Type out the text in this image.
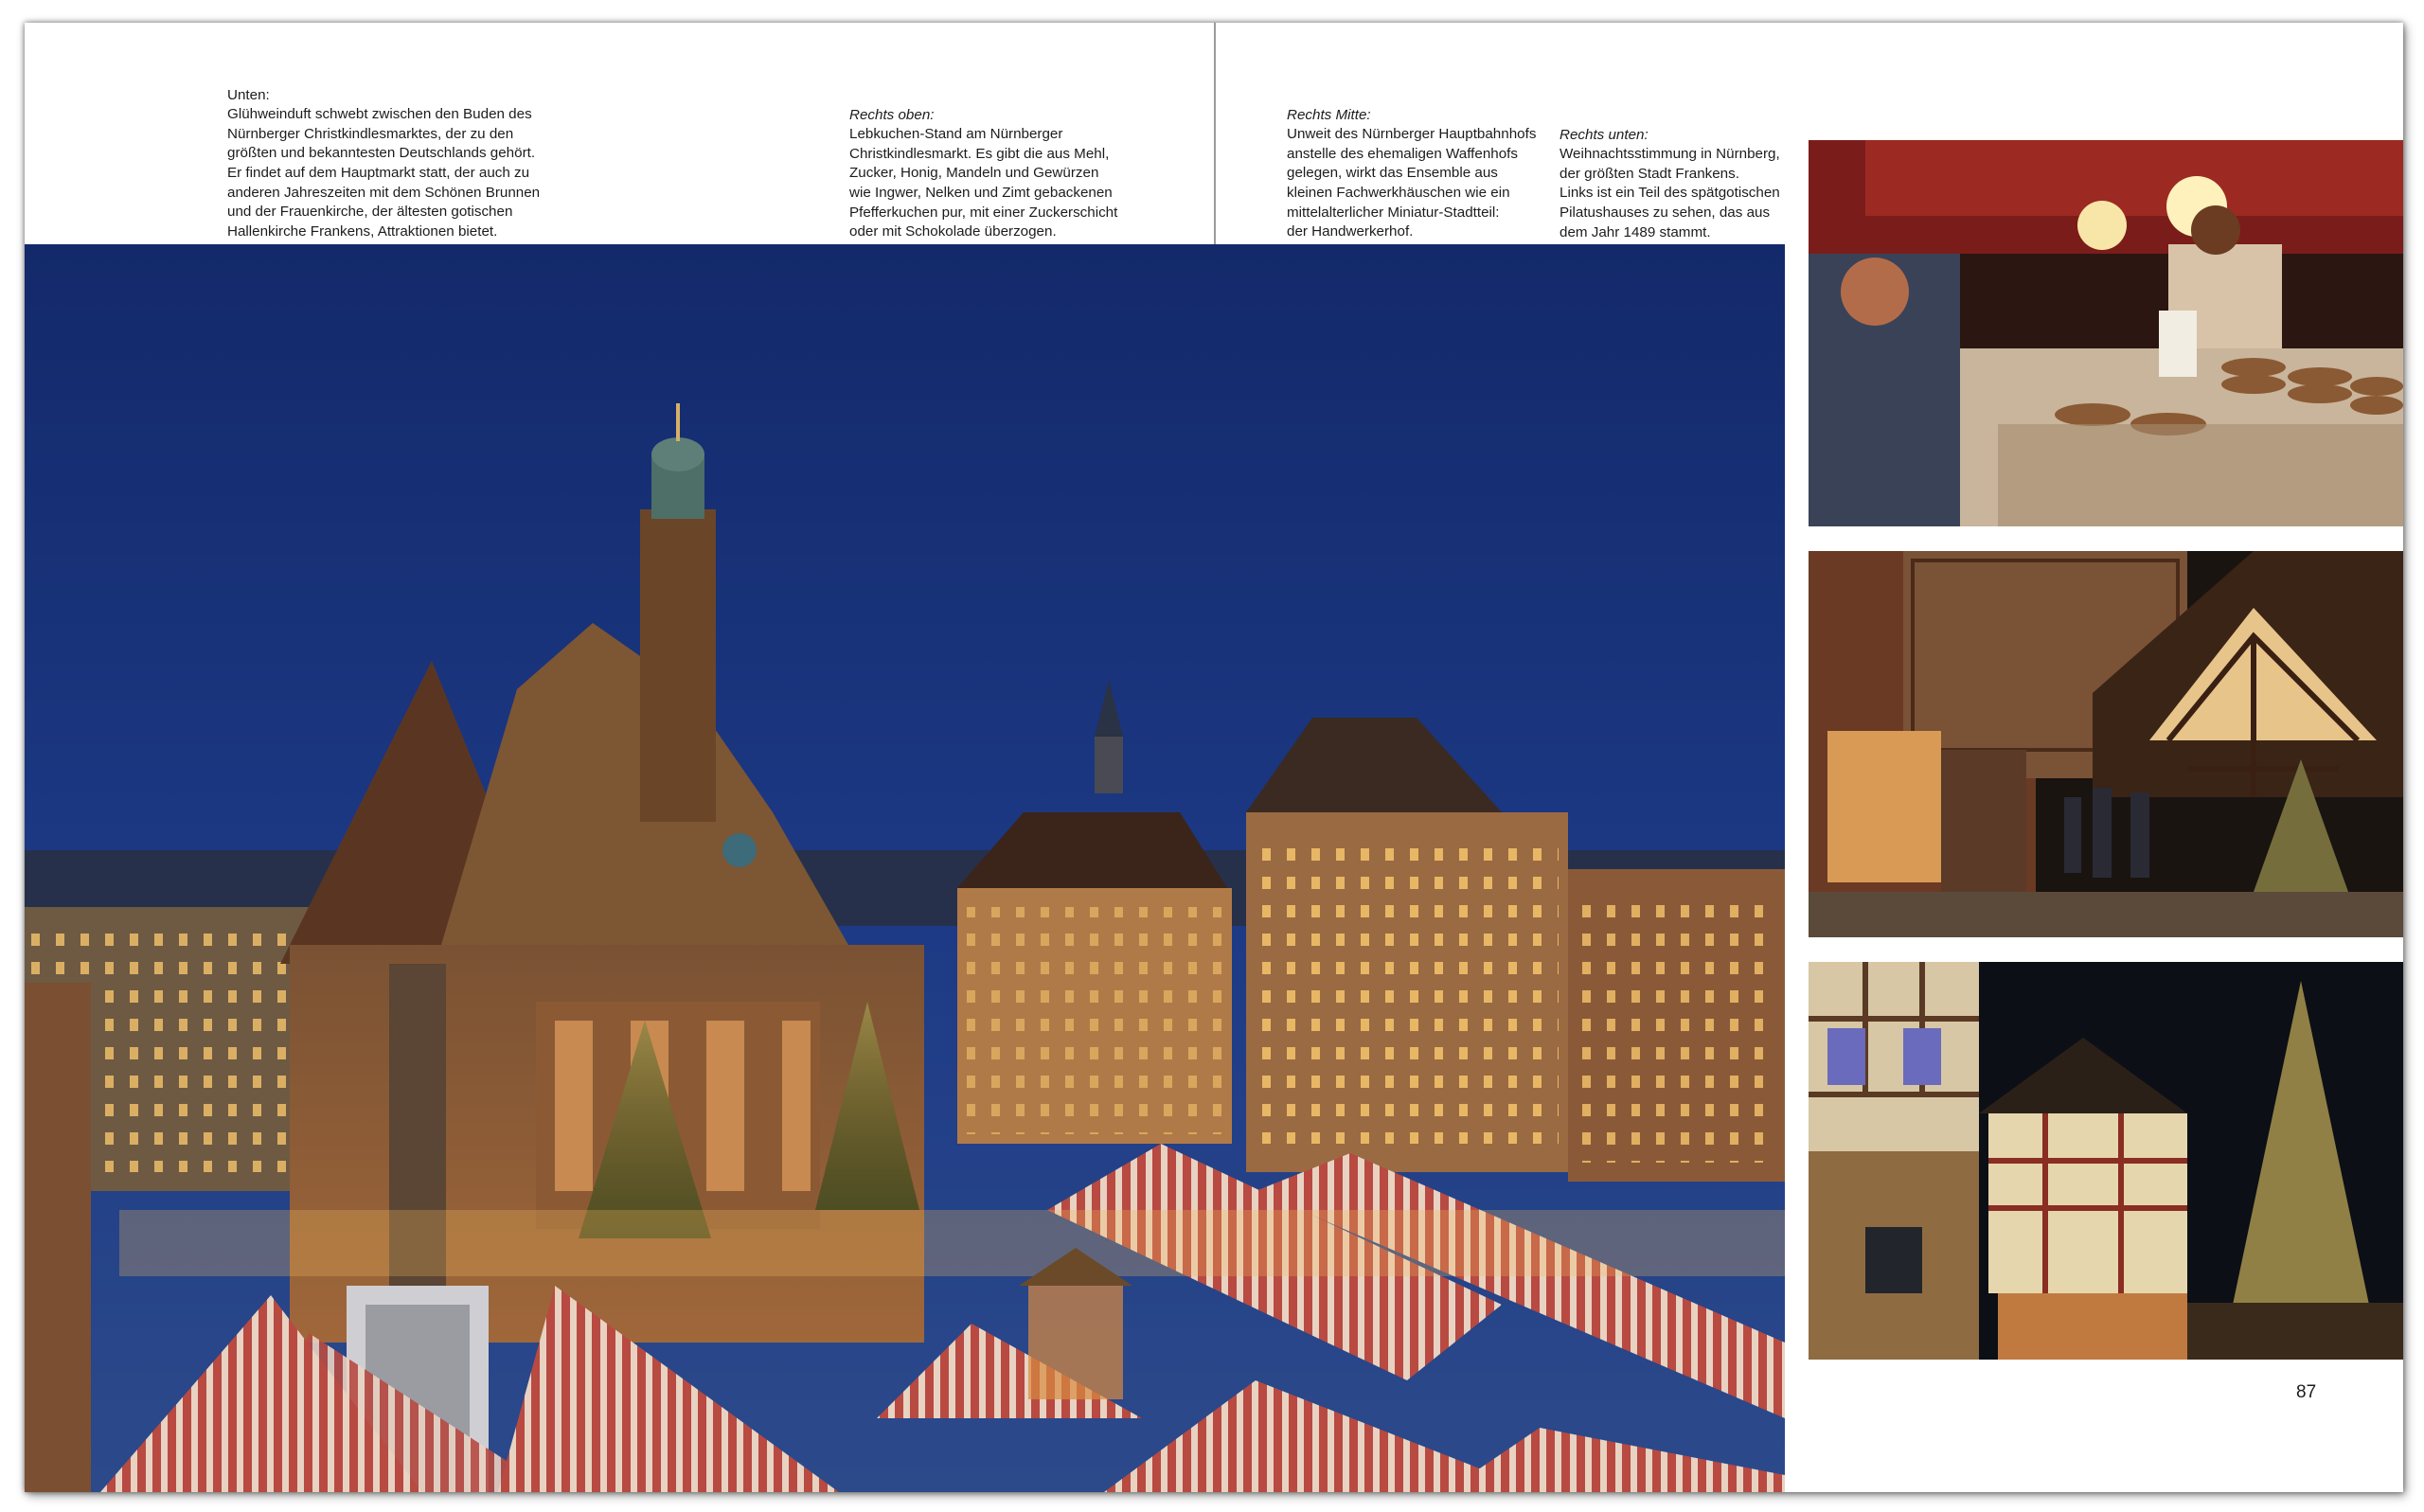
Unten:
Glühweinduft schwebt zwischen den Buden des
Nürnberger Christkindlesmarktes, der zu den
größten und bekanntesten Deutschlands gehört.
Er findet auf dem Hauptmarkt statt, der auch zu
anderen Jahreszeiten mit dem Schönen Brunnen
und der Frauenkirche, der ältesten gotischen
Hallenkirche Frankens, Attraktionen bietet.

Rechts oben:
Lebkuchen-Stand am Nürnberger
Christkindlesmarkt. Es gibt die aus Mehl,
Zucker, Honig, Mandeln und Gewürzen
wie Ingwer, Nelken und Zimt gebackenen
Pfefferkuchen pur, mit einer Zuckerschicht
oder mit Schokolade überzogen.

Rechts Mitte:
Unweit des Nürnberger Hauptbahnhofs
anstelle des ehemaligen Waffenhofs
gelegen, wirkt das Ensemble aus
kleinen Fachwerkhäuschen wie ein
mittelalterlicher Miniatur-Stadtteil:
der Handwerkerhof.

Rechts unten:
Weihnachtsstimmung in Nürnberg,
der größten Stadt Frankens.
Links ist ein Teil des spätgotischen
Pilatushauses zu sehen, das aus
dem Jahr 1489 stammt.

87
